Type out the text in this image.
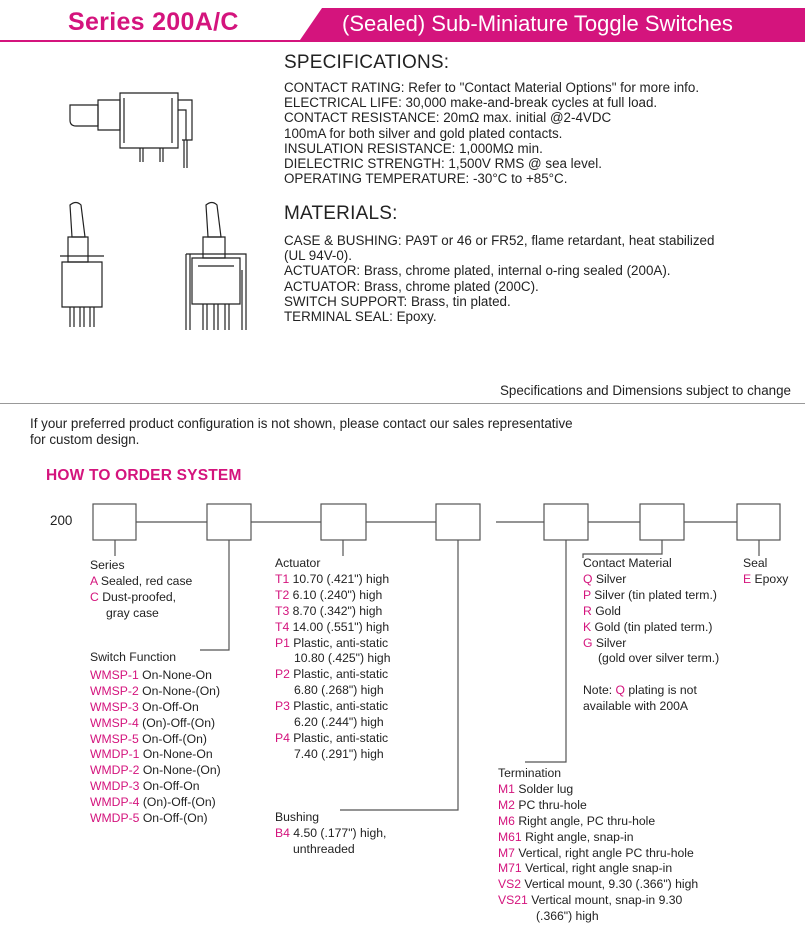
Series 200A/C	(Sealed) Sub-Miniature Toggle Switches
SPECIFICATIONS:
CONTACT RATING: Refer to "Contact Material Options" for more info.
ELECTRICAL LIFE: 30,000 make-and-break cycles at full load.
CONTACT RESISTANCE: 20mΩ max. initial @2-4VDC
100mA for both silver and gold plated contacts.
INSULATION RESISTANCE: 1,000MΩ min.
DIELECTRIC STRENGTH: 1,500V RMS @ sea level.
OPERATING TEMPERATURE: -30°C to +85°C.
MATERIALS:
CASE & BUSHING: PA9T or 46 or FR52, flame retardant, heat stabilized
(UL 94V-0).
ACTUATOR: Brass, chrome plated, internal o-ring sealed (200A).
ACTUATOR: Brass, chrome plated (200C).
SWITCH SUPPORT: Brass, tin plated.
TERMINAL SEAL: Epoxy.
Specifications and Dimensions subject to change
If your preferred product configuration is not shown, please contact our sales representative
for custom design.
HOW TO ORDER SYSTEM
200
Series
A Sealed, red case
C Dust-proofed,
gray case
Switch Function
WMSP-1 On-None-On
WMSP-2 On-None-(On)
WMSP-3 On-Off-On
WMSP-4 (On)-Off-(On)
WMSP-5 On-Off-(On)
WMDP-1 On-None-On
WMDP-2 On-None-(On)
WMDP-3 On-Off-On
WMDP-4 (On)-Off-(On)
WMDP-5 On-Off-(On)
Actuator
T1 10.70 (.421") high
T2 6.10 (.240") high
T3 8.70 (.342") high
T4 14.00 (.551") high
P1 Plastic, anti-static
10.80 (.425") high
P2 Plastic, anti-static
6.80 (.268") high
P3 Plastic, anti-static
6.20 (.244") high
P4 Plastic, anti-static
7.40 (.291") high
Bushing
B4 4.50 (.177") high,
unthreaded
Termination
M1 Solder lug
M2 PC thru-hole
M6 Right angle, PC thru-hole
M61 Right angle, snap-in
M7 Vertical, right angle PC thru-hole
M71 Vertical, right angle snap-in
VS2 Vertical mount, 9.30 (.366") high
VS21 Vertical mount, snap-in 9.30
(.366") high
Contact Material
Q Silver
P Silver (tin plated term.)
R Gold
K Gold (tin plated term.)
G Silver
(gold over silver term.)
Note: Q plating is not
available with 200A
Seal
E Epoxy
